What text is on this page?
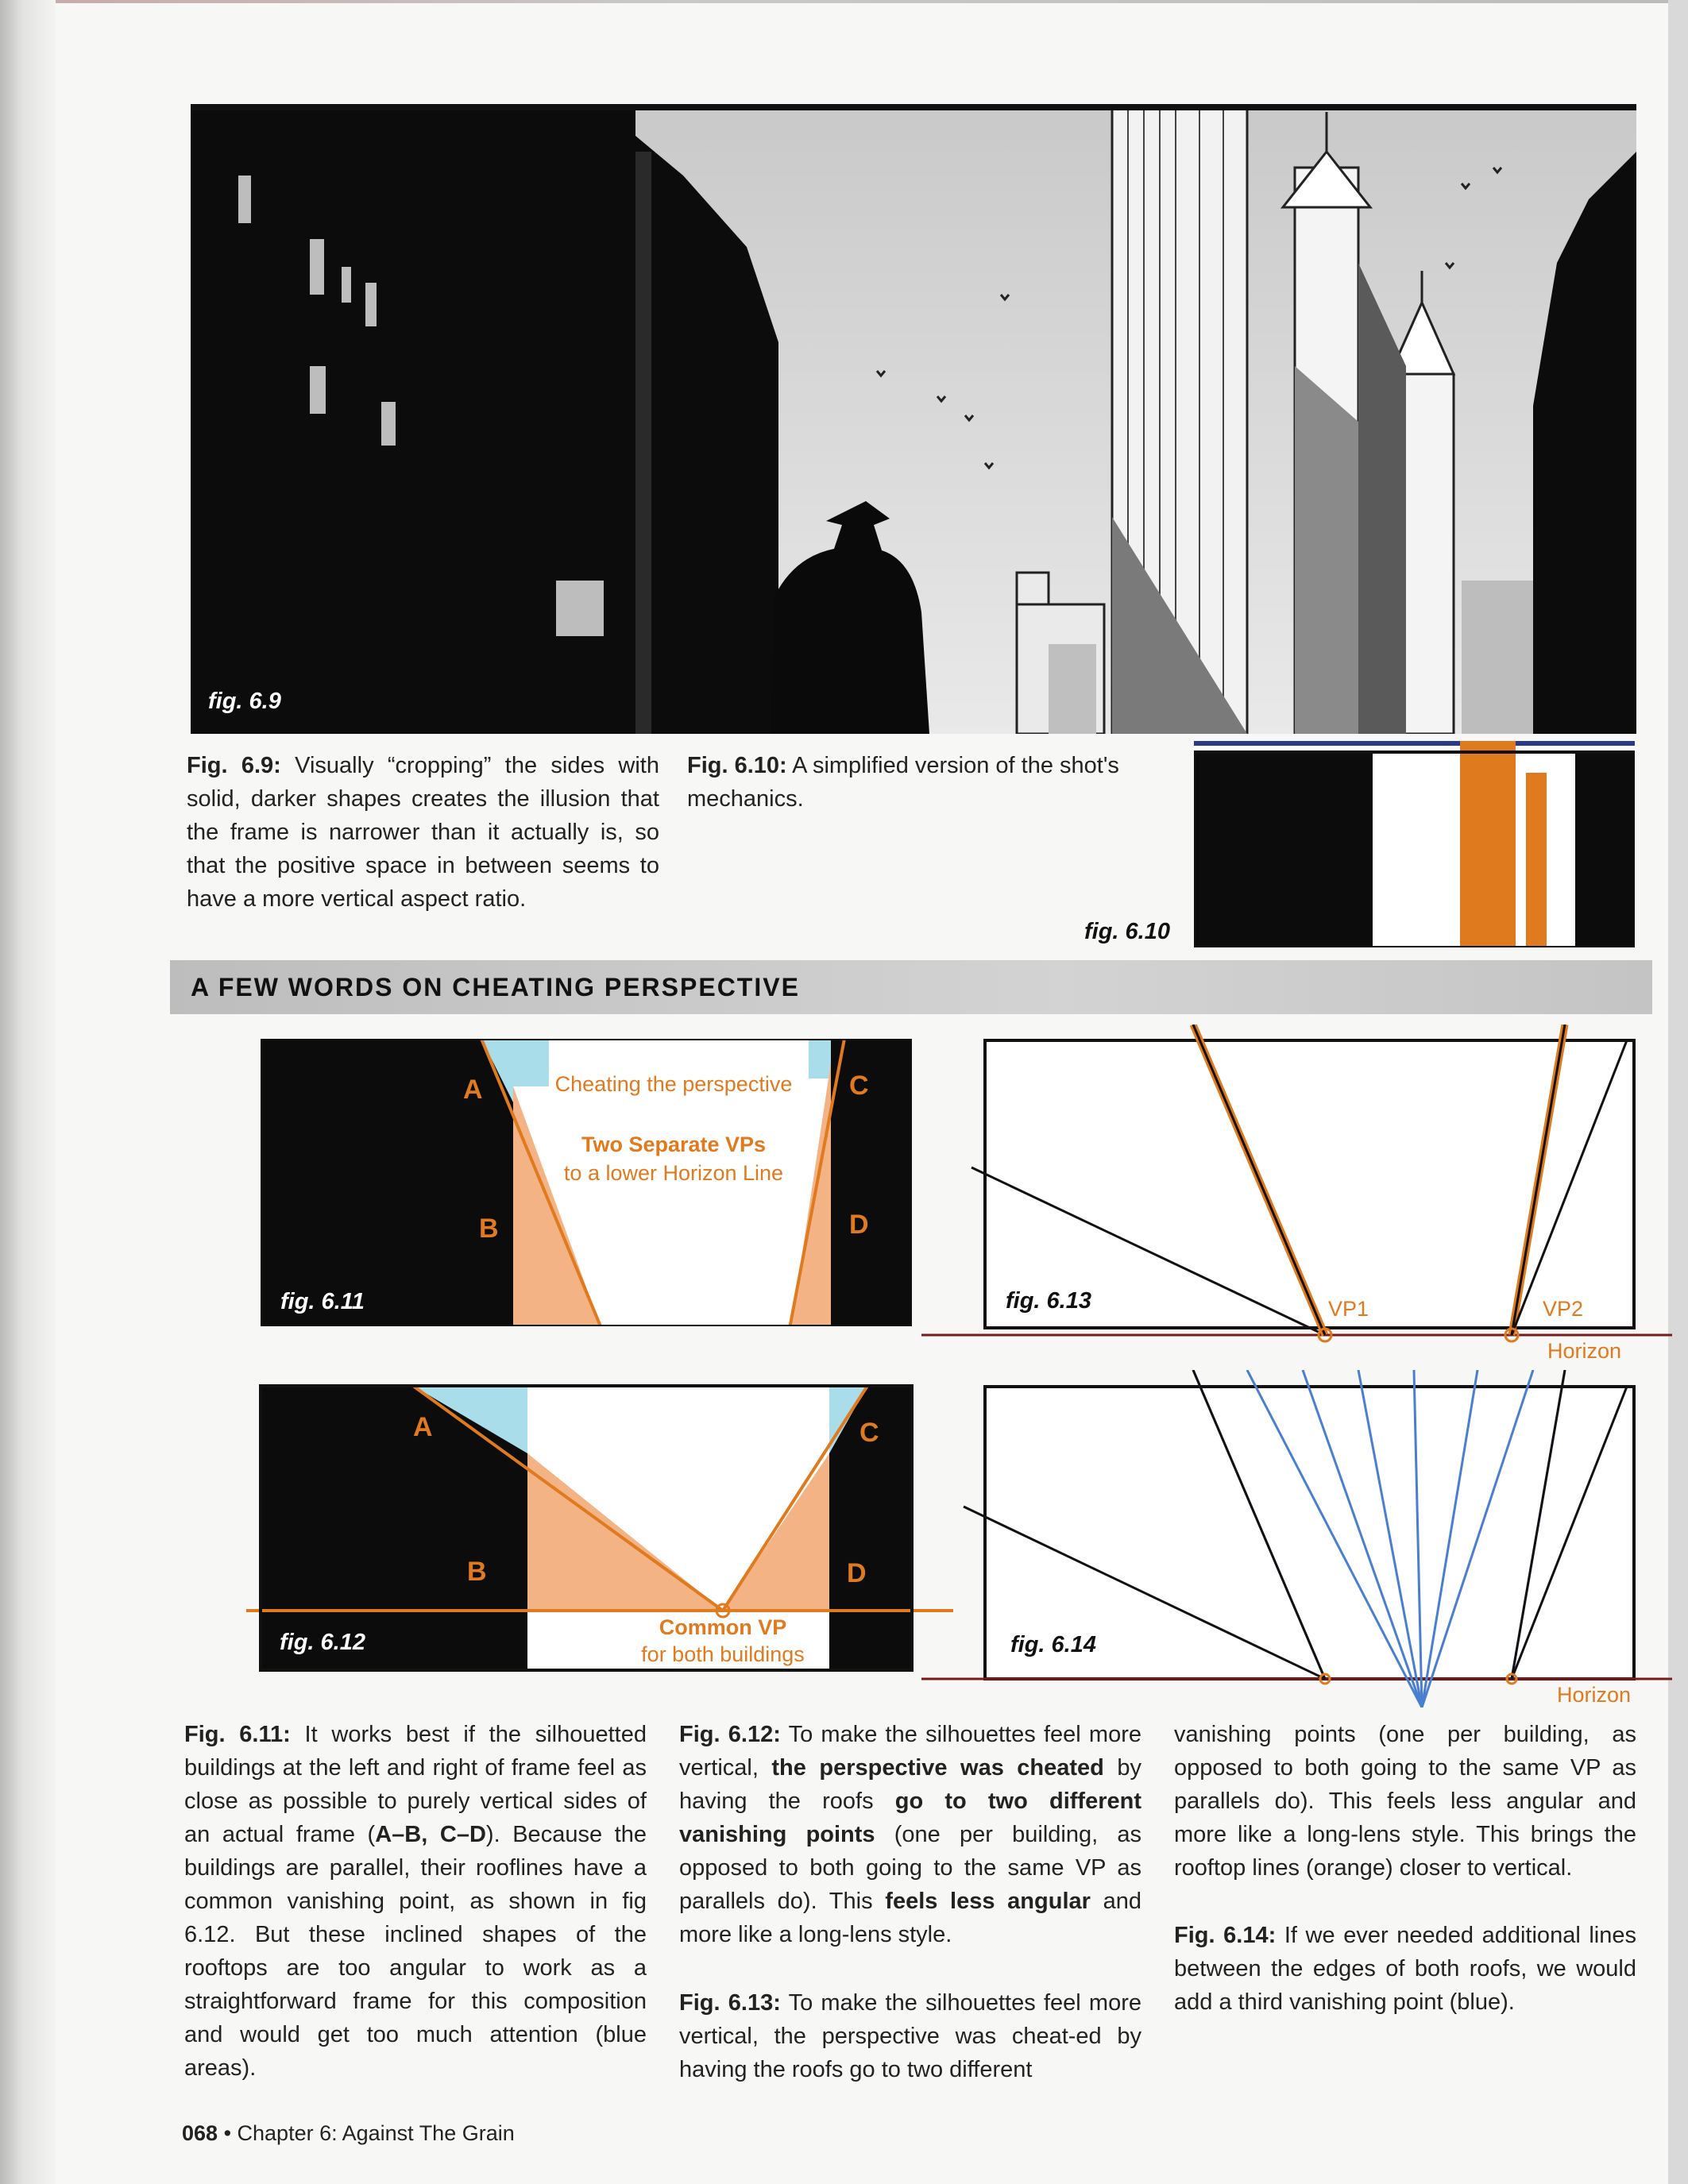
fig. 6.9
Fig. 6.9: Visually “cropping” the sides with solid, darker shapes creates the illusion that the frame is narrower than it actually is, so that the positive space in between seems to have a more vertical aspect ratio.
Fig. 6.10: A simplified version of the shot's mechanics.
fig. 6.10
A FEW WORDS ON CHEATING PERSPECTIVE
A
B
C
D
Cheating the perspective
Two Separate VPs
to a lower Horizon Line
fig. 6.11
A
B
C
D
Common VP
for both buildings
fig. 6.12
VP1	VP2
Horizon
fig. 6.13
Horizon
fig. 6.14
Fig. 6.11: It works best if the silhouetted buildings at the left and right of frame feel as close as possible to purely vertical sides of an actual frame (A–B, C–D). Because the buildings are parallel, their rooflines have a common vanishing point, as shown in fig 6.12. But these inclined shapes of the rooftops are too angular to work as a straightforward frame for this composition and would get too much attention (blue areas).
Fig. 6.12: To make the silhouettes feel more vertical, the perspective was cheated by having the roofs go to two different vanishing points (one per building, as opposed to both going to the same VP as parallels do). This feels less angular and more like a long-lens style.
Fig. 6.13: To make the silhouettes feel more vertical, the perspective was cheat-ed by having the roofs go to two different
vanishing points (one per building, as opposed to both going to the same VP as parallels do). This feels less angular and more like a long-lens style. This brings the rooftop lines (orange) closer to vertical.
Fig. 6.14: If we ever needed additional lines between the edges of both roofs, we would add a third vanishing point (blue).
068 • Chapter 6: Against The Grain
